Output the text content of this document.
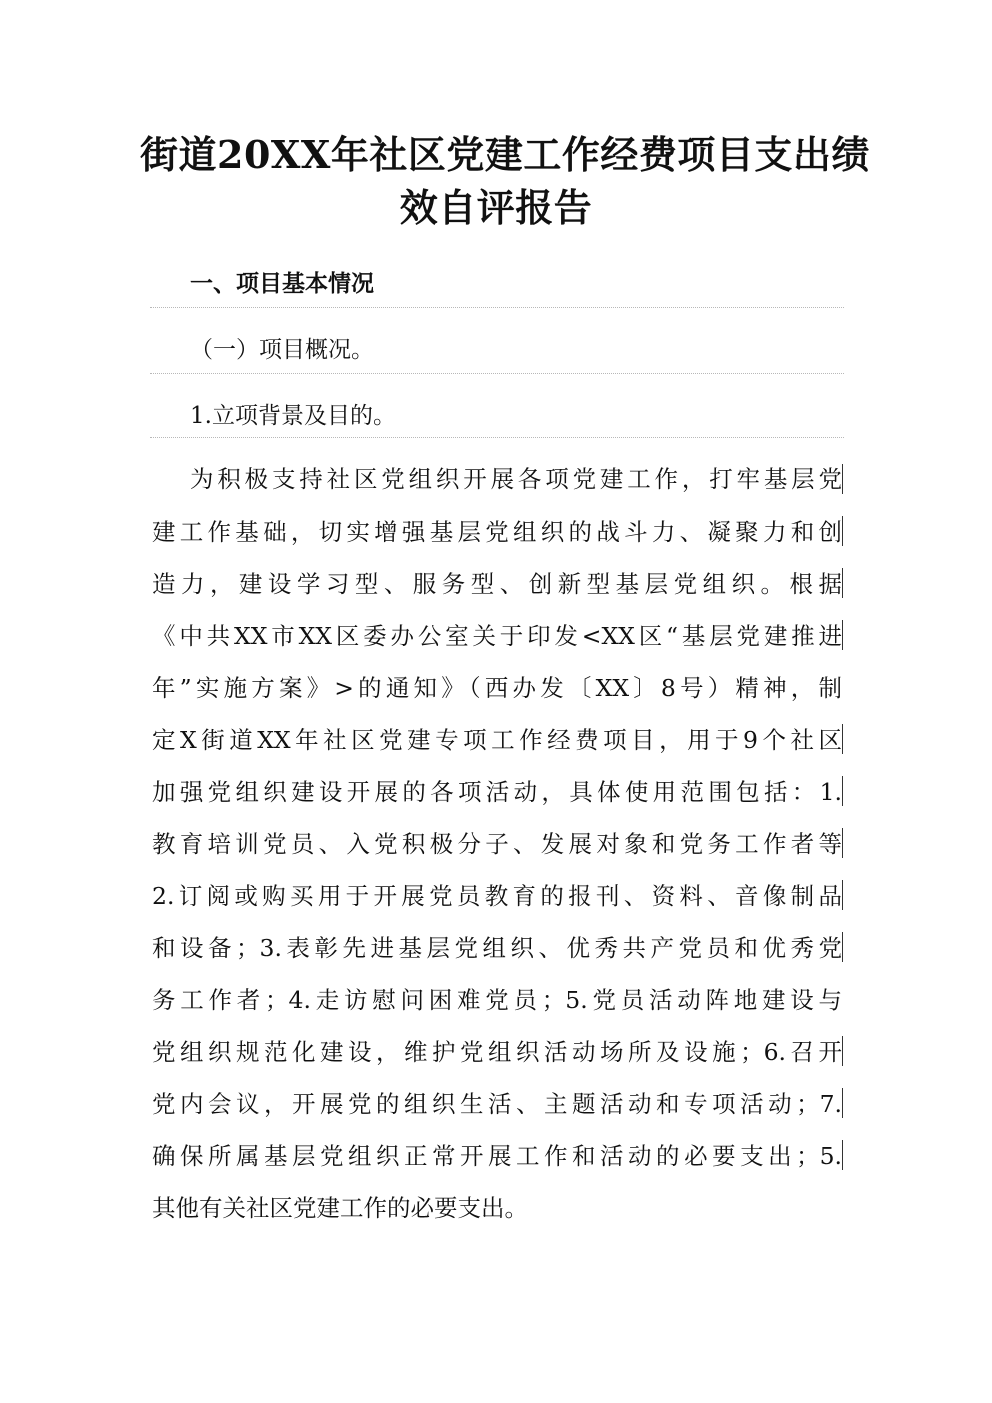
街道20XX年社区党建工作经费项目支出绩
效自评报告
一、项目基本情况
（一）项目概况。
1.立项背景及目的。
为积极支持社区党组织开展各项党建工作，打牢基层党
建工作基础，切实增强基层党组织的战斗力、凝聚力和创
造力，建设学习型、服务型、创新型基层党组织。根据
《中共XX市XX区委办公室关于印发<XX区“基层党建推进
年”实施方案》>的通知》（西办发〔XX〕8号）精神，制
定X街道XX年社区党建专项工作经费项目，用于9个社区
加强党组织建设开展的各项活动，具体使用范围包括：1.
教育培训党员、入党积极分子、发展对象和党务工作者等
2.订阅或购买用于开展党员教育的报刊、资料、音像制品
和设备；3.表彰先进基层党组织、优秀共产党员和优秀党
务工作者；4.走访慰问困难党员；5.党员活动阵地建设与
党组织规范化建设，维护党组织活动场所及设施；6.召开
党内会议，开展党的组织生活、主题活动和专项活动；7.
确保所属基层党组织正常开展工作和活动的必要支出；5.
其他有关社区党建工作的必要支出。
